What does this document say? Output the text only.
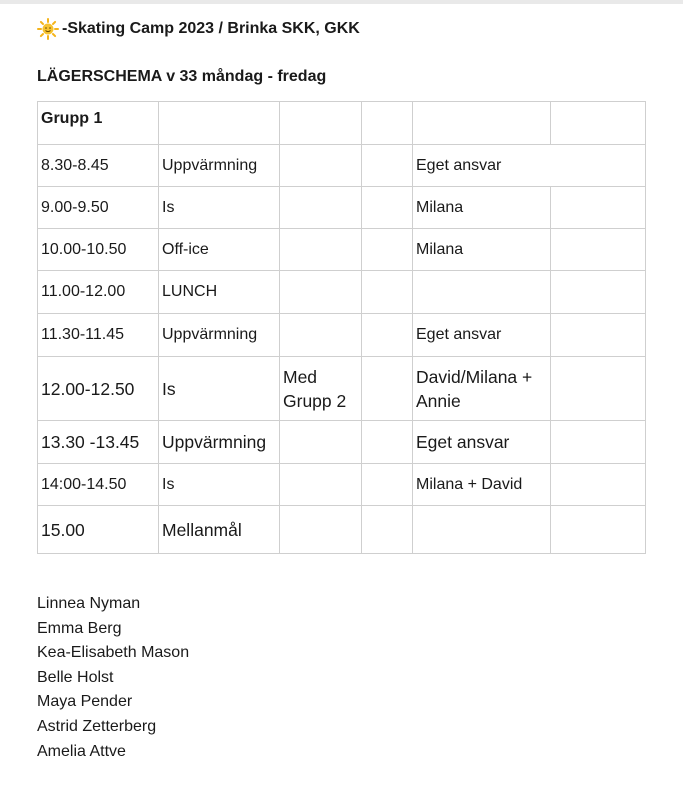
-Skating Camp 2023 / Brinka SKK, GKK
LÄGERSCHEMA v 33 måndag - fredag
Grupp 1					
8.30-8.45	Uppvärmning			Eget ansvar	
9.00-9.50	Is			Milana	
10.00-10.50	Off-ice			Milana	
11.00-12.00	LUNCH				
11.30-11.45	Uppvärmning			Eget ansvar	
12.00-12.50	Is	Med Grupp 2		David/Milana + Annie	
13.30 -13.45	Uppvärmning			Eget ansvar	
14:00-14.50	Is			Milana + David	
15.00	Mellanmål				
Linnea Nyman
Emma Berg
Kea-Elisabeth Mason
Belle Holst
Maya Pender
Astrid Zetterberg
Amelia Attve
